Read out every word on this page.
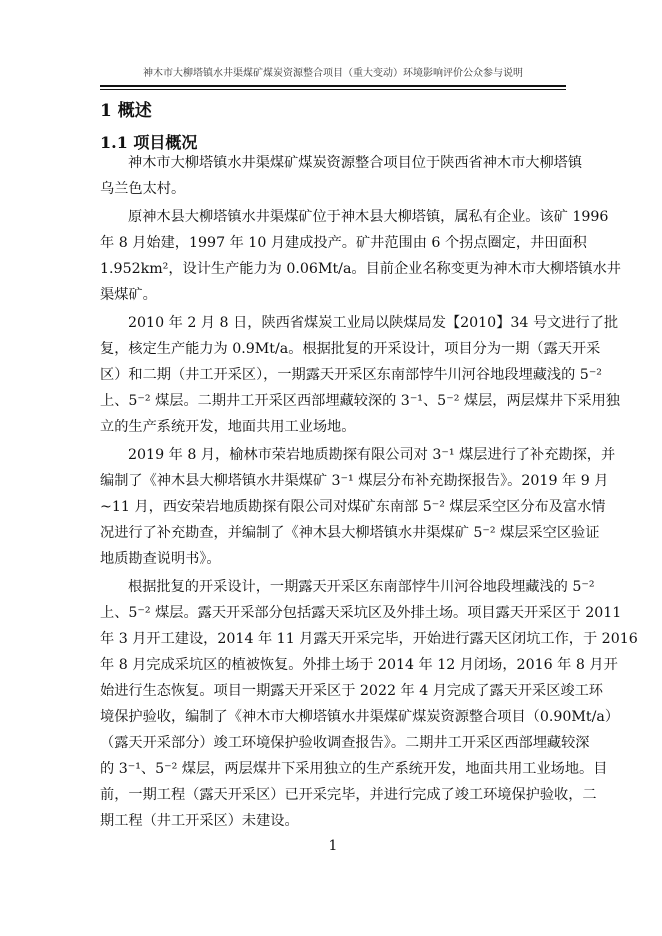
神木市大柳塔镇水井渠煤矿煤炭资源整合项目（重大变动）环境影响评价公众参与说明
1 概述
1.1 项目概况
神木市大柳塔镇水井渠煤矿煤炭资源整合项目位于陕西省神木市大柳塔镇
乌兰色太村。
原神木县大柳塔镇水井渠煤矿位于神木县大柳塔镇，属私有企业。该矿 1996
年 8 月始建，1997 年 10 月建成投产。矿井范围由 6 个拐点圈定，井田面积
1.952km²，设计生产能力为 0.06Mt/a。目前企业名称变更为神木市大柳塔镇水井
渠煤矿。
2010 年 2 月 8 日，陕西省煤炭工业局以陕煤局发【2010】34 号文进行了批
复，核定生产能力为 0.9Mt/a。根据批复的开采设计，项目分为一期（露天开采
区）和二期（井工开采区），一期露天开采区东南部悖牛川河谷地段埋藏浅的 5⁻²
上、5⁻² 煤层。二期井工开采区西部埋藏较深的 3⁻¹、5⁻² 煤层，两层煤井下采用独
立的生产系统开发，地面共用工业场地。
2019 年 8 月，榆林市荣岩地质勘探有限公司对 3⁻¹ 煤层进行了补充勘探，并
编制了《神木县大柳塔镇水井渠煤矿 3⁻¹ 煤层分布补充勘探报告》。2019 年 9 月
~11 月，西安荣岩地质勘探有限公司对煤矿东南部 5⁻² 煤层采空区分布及富水情
况进行了补充勘查，并编制了《神木县大柳塔镇水井渠煤矿 5⁻² 煤层采空区验证
地质勘查说明书》。
根据批复的开采设计，一期露天开采区东南部悖牛川河谷地段埋藏浅的 5⁻²
上、5⁻² 煤层。露天开采部分包括露天采坑区及外排土场。项目露天开采区于 2011
年 3 月开工建设，2014 年 11 月露天开采完毕，开始进行露天区闭坑工作，于 2016
年 8 月完成采坑区的植被恢复。外排土场于 2014 年 12 月闭场，2016 年 8 月开
始进行生态恢复。项目一期露天开采区于 2022 年 4 月完成了露天开采区竣工环
境保护验收，编制了《神木市大柳塔镇水井渠煤矿煤炭资源整合项目（0.90Mt/a）
（露天开采部分）竣工环境保护验收调查报告》。二期井工开采区西部埋藏较深
的 3⁻¹、5⁻² 煤层，两层煤井下采用独立的生产系统开发，地面共用工业场地。目
前，一期工程（露天开采区）已开采完毕，并进行完成了竣工环境保护验收，二
期工程（井工开采区）未建设。
1
